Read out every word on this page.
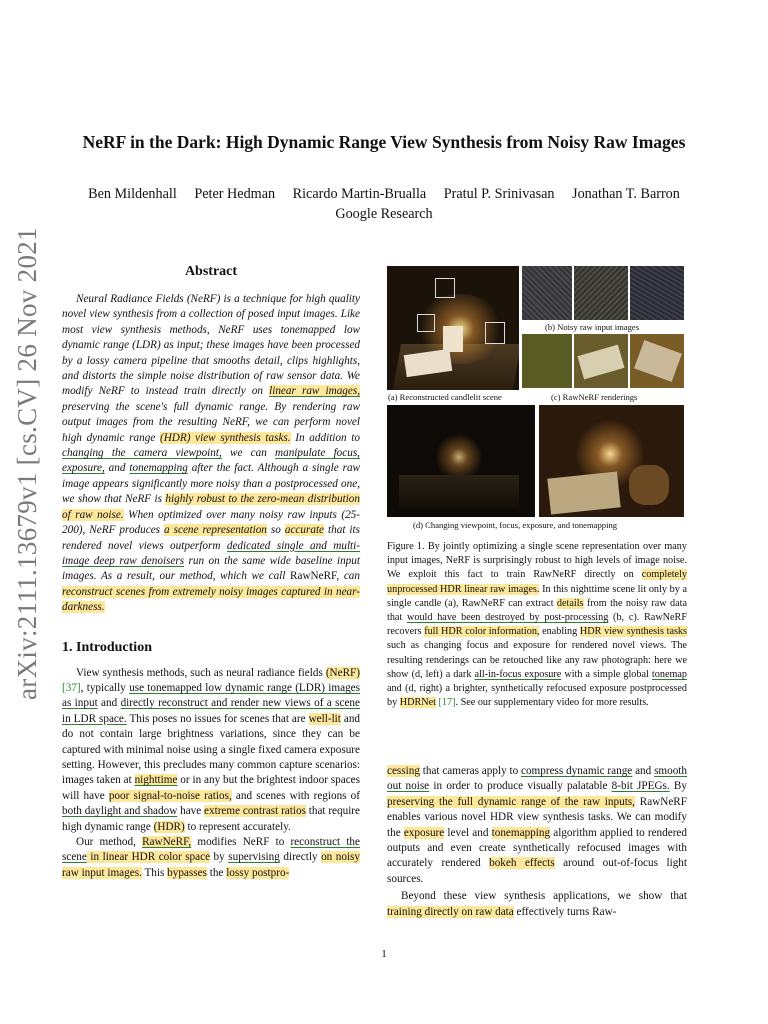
arXiv:2111.13679v1 [cs.CV] 26 Nov 2021
NeRF in the Dark: High Dynamic Range View Synthesis from Noisy Raw Images
Ben Mildenhall Peter Hedman Ricardo Martin-Brualla Pratul P. Srinivasan Jonathan T. Barron
Google Research
Abstract

Neural Radiance Fields (NeRF) is a technique for high quality novel view synthesis from a collection of posed input images. Like most view synthesis methods, NeRF uses tonemapped low dynamic range (LDR) as input; these images have been processed by a lossy camera pipeline that smooths detail, clips highlights, and distorts the simple noise distribution of raw sensor data. We modify NeRF to instead train directly on linear raw images, preserving the scene's full dynamic range. By rendering raw output images from the resulting NeRF, we can perform novel high dynamic range (HDR) view synthesis tasks. In addition to changing the camera viewpoint, we can manipulate focus, exposure, and tonemapping after the fact. Although a single raw image appears significantly more noisy than a postprocessed one, we show that NeRF is highly robust to the zero-mean distribution of raw noise. When optimized over many noisy raw inputs (25-200), NeRF produces a scene representation so accurate that its rendered novel views outperform dedicated single and multi-image deep raw denoisers run on the same wide baseline input images. As a result, our method, which we call RawNeRF, can reconstruct scenes from extremely noisy images captured in near-darkness.

1. Introduction

View synthesis methods, such as neural radiance fields (NeRF) [37], typically use tonemapped low dynamic range (LDR) images as input and directly reconstruct and render new views of a scene in LDR space. This poses no issues for scenes that are well-lit and do not contain large brightness variations, since they can be captured with minimal noise using a single fixed camera exposure setting. However, this precludes many common capture scenarios: images taken at nighttime or in any but the brightest indoor spaces will have poor signal-to-noise ratios, and scenes with regions of both daylight and shadow have extreme contrast ratios that require high dynamic range (HDR) to represent accurately.

Our method, RawNeRF, modifies NeRF to reconstruct the scene in linear HDR color space by supervising directly on noisy raw input images. This bypasses the lossy postpro-

(b) Noisy raw input images
(a) Reconstructed candlelit scene	(c) RawNeRF renderings
(d) Changing viewpoint, focus, exposure, and tonemapping

Figure 1. By jointly optimizing a single scene representation over many input images, NeRF is surprisingly robust to high levels of image noise. We exploit this fact to train RawNeRF directly on completely unprocessed HDR linear raw images. In this nighttime scene lit only by a single candle (a), RawNeRF can extract details from the noisy raw data that would have been destroyed by post-processing (b, c). RawNeRF recovers full HDR color information, enabling HDR view synthesis tasks such as changing focus and exposure for rendered novel views. The resulting renderings can be retouched like any raw photograph: here we show (d, left) a dark all-in-focus exposure with a simple global tonemap and (d, right) a brighter, synthetically refocused exposure postprocessed by HDRNet [17]. See our supplementary video for more results.

cessing that cameras apply to compress dynamic range and smooth out noise in order to produce visually palatable 8-bit JPEGs. By preserving the full dynamic range of the raw inputs, RawNeRF enables various novel HDR view synthesis tasks. We can modify the exposure level and tonemapping algorithm applied to rendered outputs and even create synthetically refocused images with accurately rendered bokeh effects around out-of-focus light sources.

Beyond these view synthesis applications, we show that training directly on raw data effectively turns Raw-

1
